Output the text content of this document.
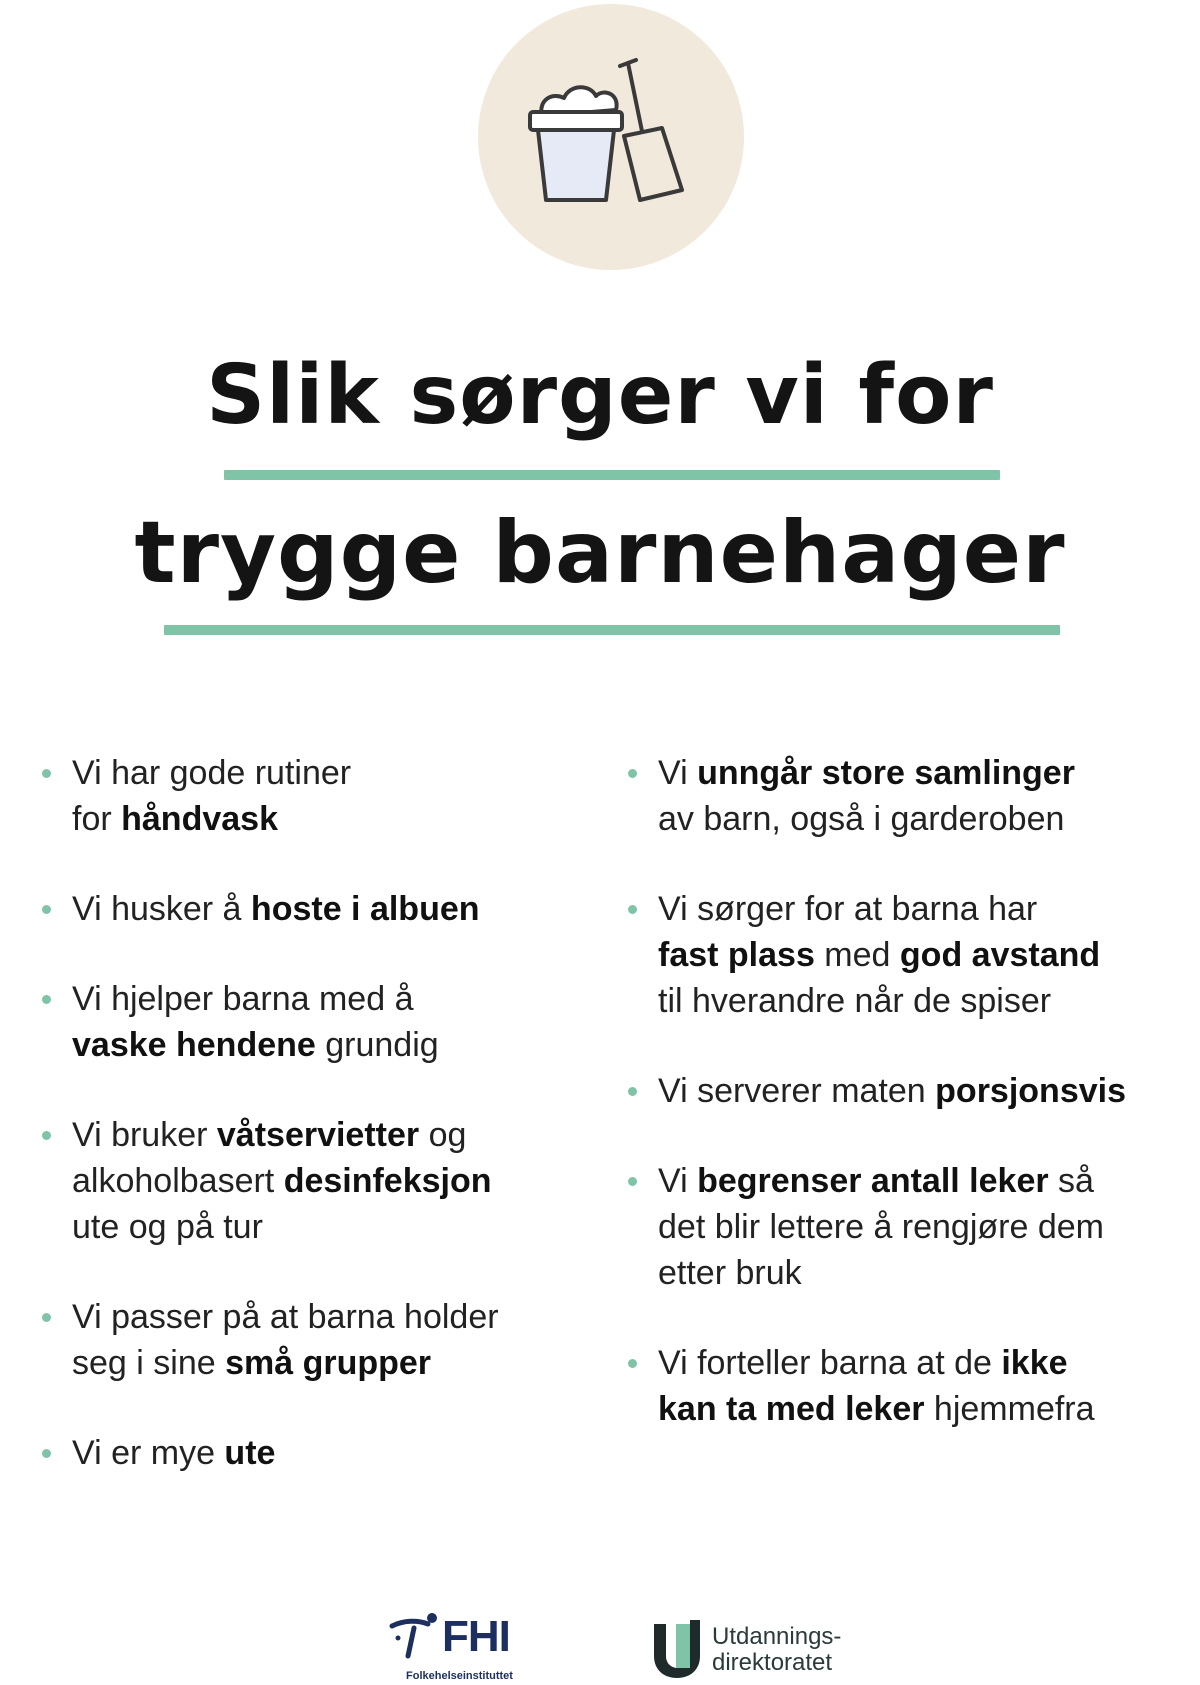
Slik sørger vi for
trygge barnehager
Vi har gode rutiner
for håndvask
Vi husker å hoste i albuen
Vi hjelper barna med å
vaske hendene grundig
Vi bruker våtservietter og
alkoholbasert desinfeksjon
ute og på tur
Vi passer på at barna holder
seg i sine små grupper
Vi er mye ute
Vi unngår store samlinger
av barn, også i garderoben
Vi sørger for at barna har
fast plass med god avstand
til hverandre når de spiser
Vi serverer maten porsjonsvis
Vi begrenser antall leker så
det blir lettere å rengjøre dem
etter bruk
Vi forteller barna at de ikke
kan ta med leker hjemmefra
FHI
Folkehelseinstituttet
Utdannings-
direktoratet
